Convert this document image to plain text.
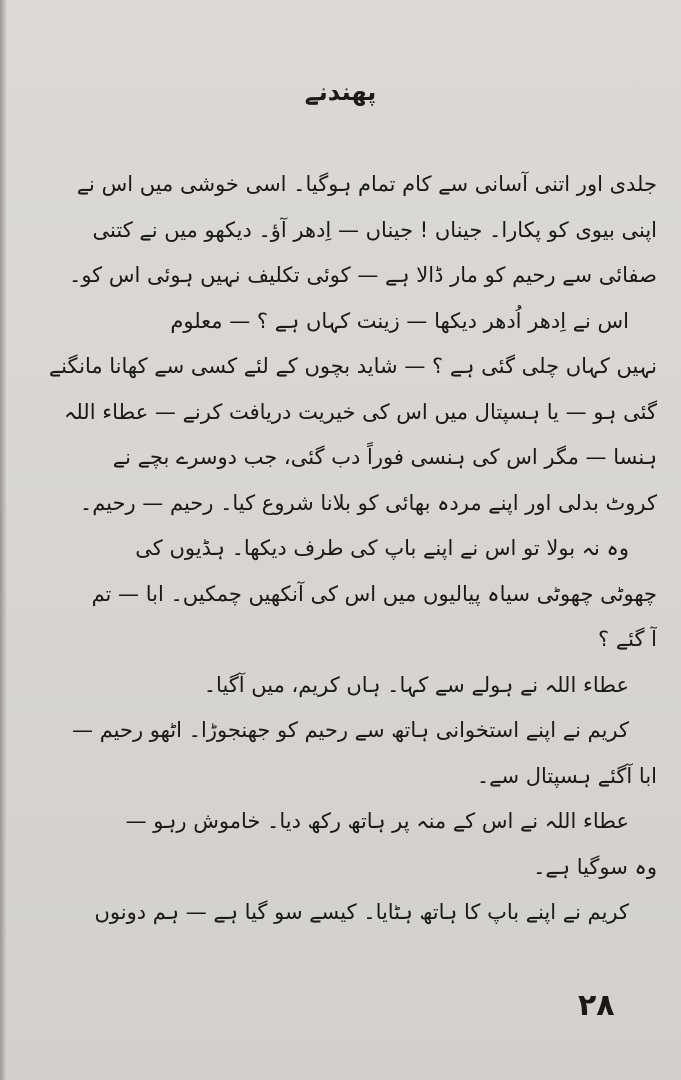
پھندنے
جلدی اور اتنی آسانی سے کام تمام ہوگیا۔ اسی خوشی میں اس نے
اپنی بیوی کو پکارا۔ جیناں ! جیناں — اِدھر آؤ۔ دیکھو میں نے کتنی
صفائی سے رحیم کو مار ڈالا ہے — کوئی تکلیف نہیں ہوئی اس کو۔
اس نے اِدھر اُدھر دیکھا — زینت کہاں ہے ؟ — معلوم
نہیں کہاں چلی گئی ہے ؟ — شاید بچوں کے لئے کسی سے کھانا مانگنے
گئی ہو — یا ہسپتال میں اس کی خیریت دریافت کرنے — عطاء اللہ
ہنسا — مگر اس کی ہنسی فوراً دب گئی، جب دوسرے بچے نے
کروٹ بدلی اور اپنے مردہ بھائی کو بلانا شروع کیا۔ رحیم — رحیم۔
وہ نہ بولا تو اس نے اپنے باپ کی طرف دیکھا۔ ہڈیوں کی
چھوٹی چھوٹی سیاہ پیالیوں میں اس کی آنکھیں چمکیں۔ ابا — تم
آ گئے ؟
عطاء اللہ نے ہولے سے کہا۔ ہاں کریم، میں آگیا۔
کریم نے اپنے استخوانی ہاتھ سے رحیم کو جھنجوڑا۔ اٹھو رحیم —
ابا آگئے ہسپتال سے۔
عطاء اللہ نے اس کے منہ پر ہاتھ رکھ دیا۔ خاموش رہو —
وہ سوگیا ہے۔
کریم نے اپنے باپ کا ہاتھ ہٹایا۔ کیسے سو گیا ہے — ہم دونوں
۲۸
